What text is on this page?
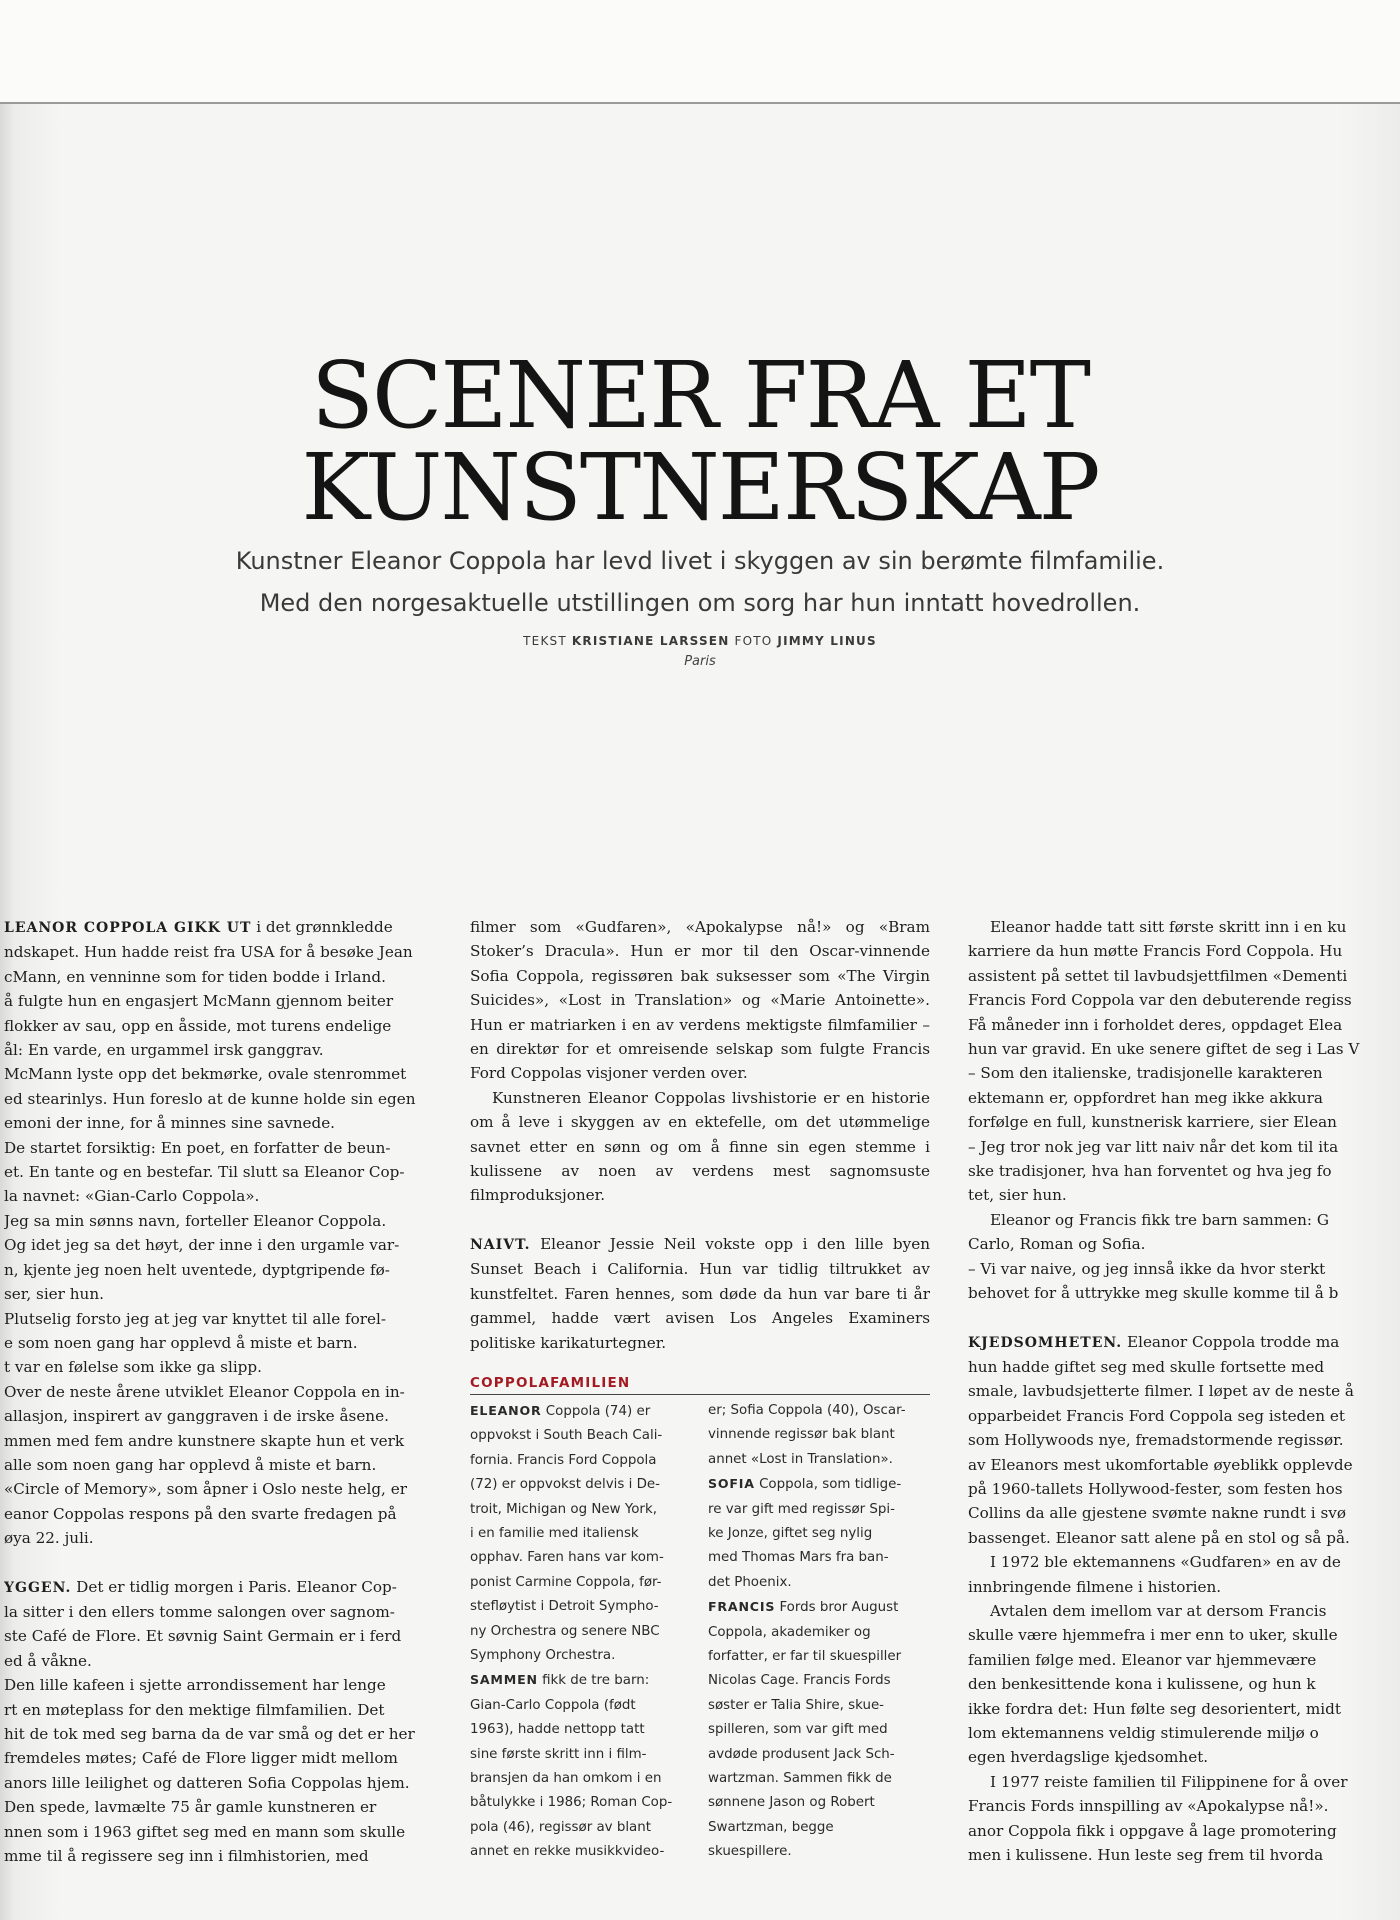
SCENER FRA ET
KUNSTNERSKAP

Kunstner Eleanor Coppola har levd livet i skyggen av sin berømte filmfamilie.

Med den norgesaktuelle utstillingen om sorg har hun inntatt hovedrollen.

TEKST KRISTIANE LARSSEN FOTO JIMMY LINUS
Paris

LEANOR COPPOLA GIKK UT i det grønnkledde

ndskapet. Hun hadde reist fra USA for å besøke Jean

cMann, en venninne som for tiden bodde i Irland.

å fulgte hun en engasjert McMann gjennom beiter

flokker av sau, opp en åsside, mot turens endelige

ål: En varde, en urgammel irsk ganggrav.

McMann lyste opp det bekmørke, ovale stenrommet

ed stearinlys. Hun foreslo at de kunne holde sin egen

emoni der inne, for å minnes sine savnede.

De startet forsiktig: En poet, en forfatter de beun-

et. En tante og en bestefar. Til slutt sa Eleanor Cop-

la navnet: «Gian-Carlo Coppola».

Jeg sa min sønns navn, forteller Eleanor Coppola.

Og idet jeg sa det høyt, der inne i den urgamle var-

n, kjente jeg noen helt uventede, dyptgripende fø-

ser, sier hun.

Plutselig forsto jeg at jeg var knyttet til alle forel-

e som noen gang har opplevd å miste et barn.

t var en følelse som ikke ga slipp.

Over de neste årene utviklet Eleanor Coppola en in-

allasjon, inspirert av ganggraven i de irske åsene.

mmen med fem andre kunstnere skapte hun et verk

alle som noen gang har opplevd å miste et barn.

«Circle of Memory», som åpner i Oslo neste helg, er

eanor Coppolas respons på den svarte fredagen på

øya 22. juli.

YGGEN. Det er tidlig morgen i Paris. Eleanor Cop-

la sitter i den ellers tomme salongen over sagnom-

ste Café de Flore. Et søvnig Saint Germain er i ferd

ed å våkne.

Den lille kafeen i sjette arrondissement har lenge

rt en møteplass for den mektige filmfamilien. Det

hit de tok med seg barna da de var små og det er her

fremdeles møtes; Café de Flore ligger midt mellom

anors lille leilighet og datteren Sofia Coppolas hjem.

Den spede, lavmælte 75 år gamle kunstneren er

nnen som i 1963 giftet seg med en mann som skulle

mme til å regissere seg inn i filmhistorien, med

filmer som «Gudfaren», «Apokalypse nå!» og «Bram Stoker’s Dracula». Hun er mor til den Oscar-vinnende Sofia Coppola, regissøren bak suksesser som «The Virgin Suicides», «Lost in Translation» og «Marie Antoinette». Hun er matriarken i en av verdens mektigste filmfamilier – en direktør for et omreisende selskap som fulgte Francis Ford Coppolas visjoner verden over.

Kunstneren Eleanor Coppolas livshistorie er en historie om å leve i skyggen av en ektefelle, om det utømmelige savnet etter en sønn og om å finne sin egen stemme i kulissene av noen av verdens mest sagnomsuste filmproduksjoner.

NAIVT. Eleanor Jessie Neil vokste opp i den lille byen Sunset Beach i California. Hun var tidlig tiltrukket av kunstfeltet. Faren hennes, som døde da hun var bare ti år gammel, hadde vært avisen Los Angeles Examiners politiske karikaturtegner.

COPPOLAFAMILIEN
ELEANOR Coppola (74) er
oppvokst i South Beach Cali-
fornia. Francis Ford Coppola
(72) er oppvokst delvis i De-
troit, Michigan og New York,
i en familie med italiensk
opphav. Faren hans var kom-
ponist Carmine Coppola, før-
stefløytist i Detroit Sympho-
ny Orchestra og senere NBC
Symphony Orchestra.
SAMMEN fikk de tre barn:
Gian-Carlo Coppola (født
1963), hadde nettopp tatt
sine første skritt inn i film-
bransjen da han omkom i en
båtulykke i 1986; Roman Cop-
pola (46), regissør av blant
annet en rekke musikkvideo-
er; Sofia Coppola (40), Oscar-
vinnende regissør bak blant
annet «Lost in Translation».
SOFIA Coppola, som tidlige-
re var gift med regissør Spi-
ke Jonze, giftet seg nylig
med Thomas Mars fra ban-
det Phoenix.
FRANCIS Fords bror August
Coppola, akademiker og
forfatter, er far til skuespiller
Nicolas Cage. Francis Fords
søster er Talia Shire, skue-
spilleren, som var gift med
avdøde produsent Jack Sch-
wartzman. Sammen fikk de
sønnene Jason og Robert
Swartzman, begge
skuespillere.

Eleanor hadde tatt sitt første skritt inn i en ku

karriere da hun møtte Francis Ford Coppola. Hu

assistent på settet til lavbudsjettfilmen «Dementi

Francis Ford Coppola var den debuterende regiss

Få måneder inn i forholdet deres, oppdaget Elea

hun var gravid. En uke senere giftet de seg i Las V

– Som den italienske, tradisjonelle karakteren

ektemann er, oppfordret han meg ikke akkura

forfølge en full, kunstnerisk karriere, sier Elean

– Jeg tror nok jeg var litt naiv når det kom til ita

ske tradisjoner, hva han forventet og hva jeg fo

tet, sier hun.

Eleanor og Francis fikk tre barn sammen: G

Carlo, Roman og Sofia.

– Vi var naive, og jeg innså ikke da hvor sterkt

behovet for å uttrykke meg skulle komme til å b

KJEDSOMHETEN. Eleanor Coppola trodde ma

hun hadde giftet seg med skulle fortsette med

smale, lavbudsjetterte filmer. I løpet av de neste å

opparbeidet Francis Ford Coppola seg isteden et

som Hollywoods nye, fremadstormende regissør.

av Eleanors mest ukomfortable øyeblikk opplevde

på 1960-tallets Hollywood-fester, som festen hos

Collins da alle gjestene svømte nakne rundt i svø

bassenget. Eleanor satt alene på en stol og så på.

I 1972 ble ektemannens «Gudfaren» en av de

innbringende filmene i historien.

Avtalen dem imellom var at dersom Francis

skulle være hjemmefra i mer enn to uker, skulle

familien følge med. Eleanor var hjemmevære

den benkesittende kona i kulissene, og hun k

ikke fordra det: Hun følte seg desorientert, midt

lom ektemannens veldig stimulerende miljø o

egen hverdagslige kjedsomhet.

I 1977 reiste familien til Filippinene for å over

Francis Fords innspilling av «Apokalypse nå!».

anor Coppola fikk i oppgave å lage promotering

men i kulissene. Hun leste seg frem til hvorda
